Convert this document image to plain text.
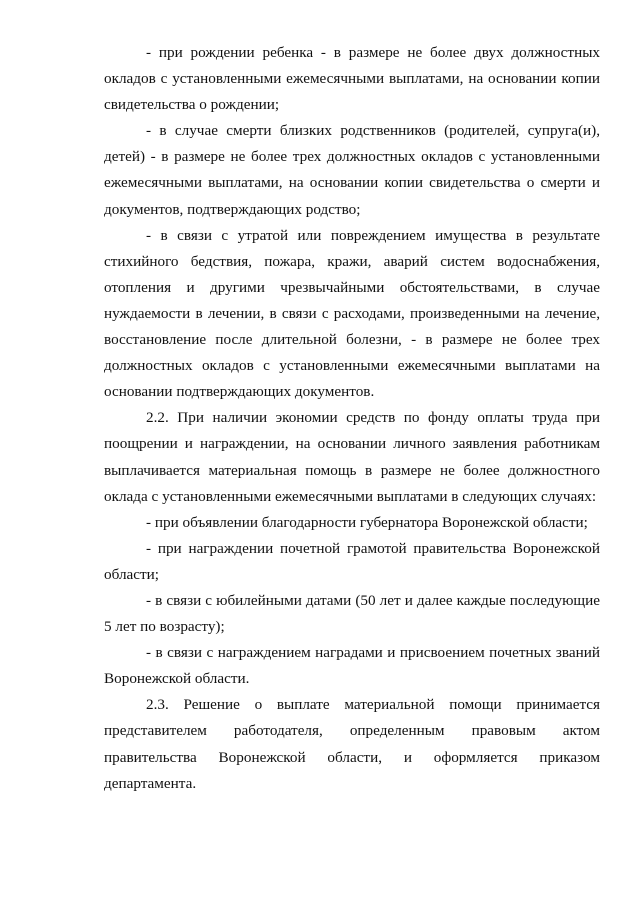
- при рождении ребенка - в размере не более двух должностных окладов с установленными ежемесячными выплатами, на основании копии свидетельства о рождении;

- в случае смерти близких родственников (родителей, супруга(и), детей) - в размере не более трех должностных окладов с установленными ежемесячными выплатами, на основании копии свидетельства о смерти и документов, подтверждающих родство;

- в связи с утратой или повреждением имущества в результате стихийного бедствия, пожара, кражи, аварий систем водоснабжения, отопления и другими чрезвычайными обстоятельствами, в случае нуждаемости в лечении, в связи с расходами, произведенными на лечение, восстановление после длительной болезни, - в размере не более трех должностных окладов с установленными ежемесячными выплатами на основании подтверждающих документов.

2.2. При наличии экономии средств по фонду оплаты труда при поощрении и награждении, на основании личного заявления работникам выплачивается материальная помощь в размере не более должностного оклада с установленными ежемесячными выплатами в следующих случаях:

- при объявлении благодарности губернатора Воронежской области;

- при награждении почетной грамотой правительства Воронежской области;

- в связи с юбилейными датами (50 лет и далее каждые последующие 5 лет по возрасту);

- в связи с награждением наградами и присвоением почетных званий Воронежской области.

2.3. Решение о выплате материальной помощи принимается представителем работодателя, определенным правовым актом правительства Воронежской области, и оформляется приказом департамента.
